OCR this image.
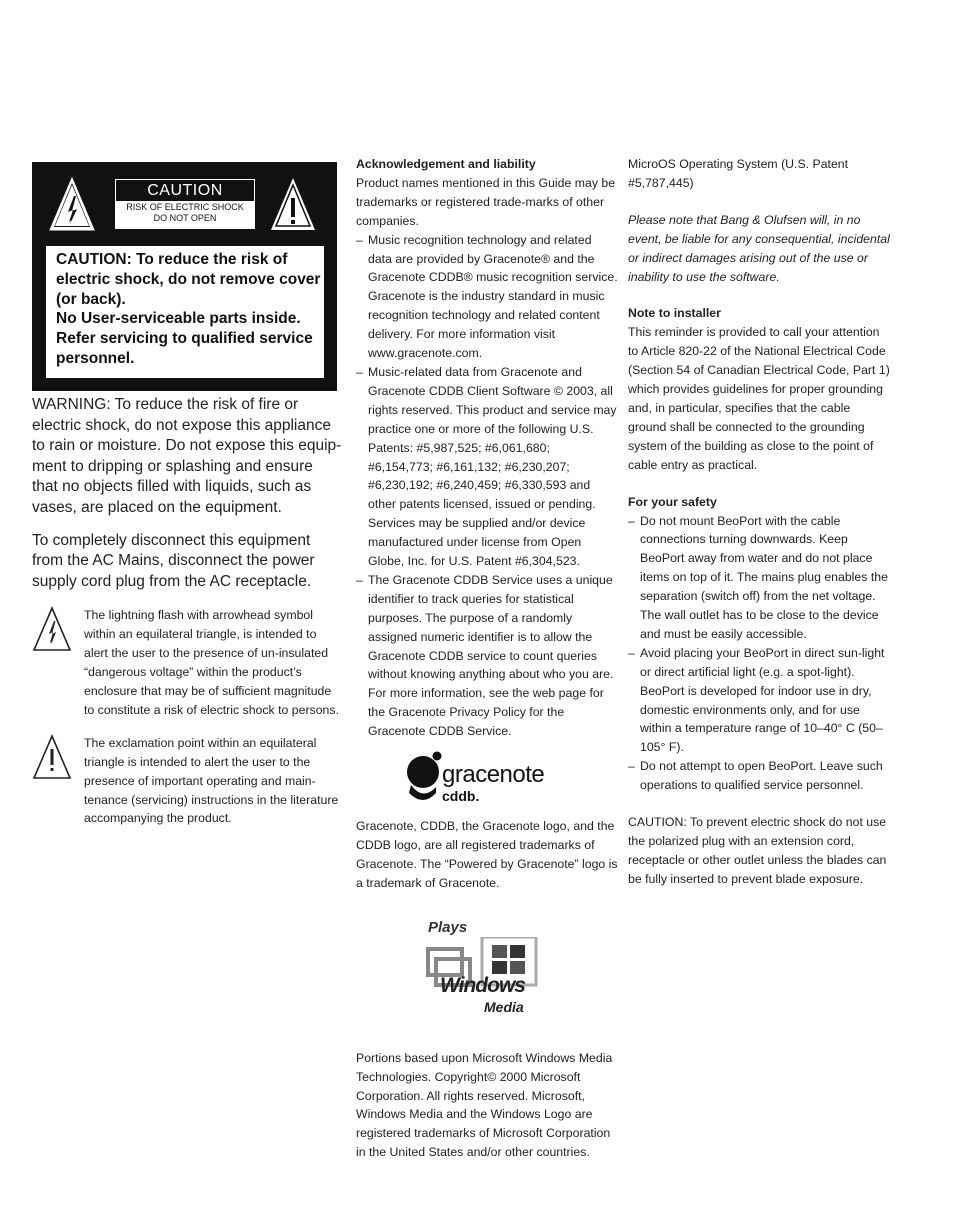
CAUTION
RISK OF ELECTRIC SHOCK
DO NOT OPEN

CAUTION: To reduce the risk of electric shock, do not remove cover (or back).

No User-serviceable parts inside.

Refer servicing to qualified service personnel.

WARNING: To reduce the risk of fire or electric shock, do not expose this appliance to rain or moisture. Do not expose this equip-ment to dripping or splashing and ensure that no objects filled with liquids, such as vases, are placed on the equipment.

To completely disconnect this equipment from the AC Mains, disconnect the power supply cord plug from the AC receptacle.

The lightning flash with arrowhead symbol within an equilateral triangle, is intended to alert the user to the presence of un-insulated “dangerous voltage” within the product’s enclosure that may be of sufficient magnitude to constitute a risk of electric shock to persons.

The exclamation point within an equilateral triangle is intended to alert the user to the presence of important operating and main-tenance (servicing) instructions in the literature accompanying the product.

Acknowledgement and liability

Product names mentioned in this Guide may be trademarks or registered trade-marks of other companies.

– Music recognition technology and related data are provided by Gracenote® and the Gracenote CDDB® music recognition service. Gracenote is the industry standard in music recognition technology and related content delivery. For more information visit www.gracenote.com.
– Music-related data from Gracenote and Gracenote CDDB Client Software © 2003, all rights reserved. This product and service may practice one or more of the following U.S. Patents: #5,987,525; #6,061,680; #6,154,773; #6,161,132; #6,230,207; #6,230,192; #6,240,459; #6,330,593 and other patents licensed, issued or pending. Services may be supplied and/or device manufactured under license from Open Globe, Inc. for U.S. Patent #6,304,523.
– The Gracenote CDDB Service uses a unique identifier to track queries for statistical purposes. The purpose of a randomly assigned numeric identifier is to allow the Gracenote CDDB service to count queries without knowing anything about who you are. For more information, see the web page for the Gracenote Privacy Policy for the Gracenote CDDB Service.
gracenote
cddb.

Gracenote, CDDB, the Gracenote logo, and the CDDB logo, are all registered trademarks of Gracenote. The “Powered by Gracenote” logo is a trademark of Gracenote.

Plays
Windows
Media

Portions based upon Microsoft Windows Media Technologies. Copyright© 2000 Microsoft Corporation. All rights reserved. Microsoft, Windows Media and the Windows Logo are registered trademarks of Microsoft Corporation in the United States and/or other countries.

MicroOS Operating System (U.S. Patent #5,787,445)

Please note that Bang & Olufsen will, in no event, be liable for any consequential, incidental or indirect damages arising out of the use or inability to use the software.

Note to installer

This reminder is provided to call your attention to Article 820-22 of the National Electrical Code (Section 54 of Canadian Electrical Code, Part 1) which provides guidelines for proper grounding and, in particular, specifies that the cable ground shall be connected to the grounding system of the building as close to the point of cable entry as practical.

For your safety

– Do not mount BeoPort with the cable connections turning downwards. Keep BeoPort away from water and do not place items on top of it. The mains plug enables the separation (switch off) from the net voltage. The wall outlet has to be close to the device and must be easily accessible.
– Avoid placing your BeoPort in direct sun-light or direct artificial light (e.g. a spot-light). BeoPort is developed for indoor use in dry, domestic environments only, and for use within a temperature range of 10–40° C (50–105° F).
– Do not attempt to open BeoPort. Leave such operations to qualified service personnel.

CAUTION: To prevent electric shock do not use the polarized plug with an extension cord, receptacle or other outlet unless the blades can be fully inserted to prevent blade exposure.
